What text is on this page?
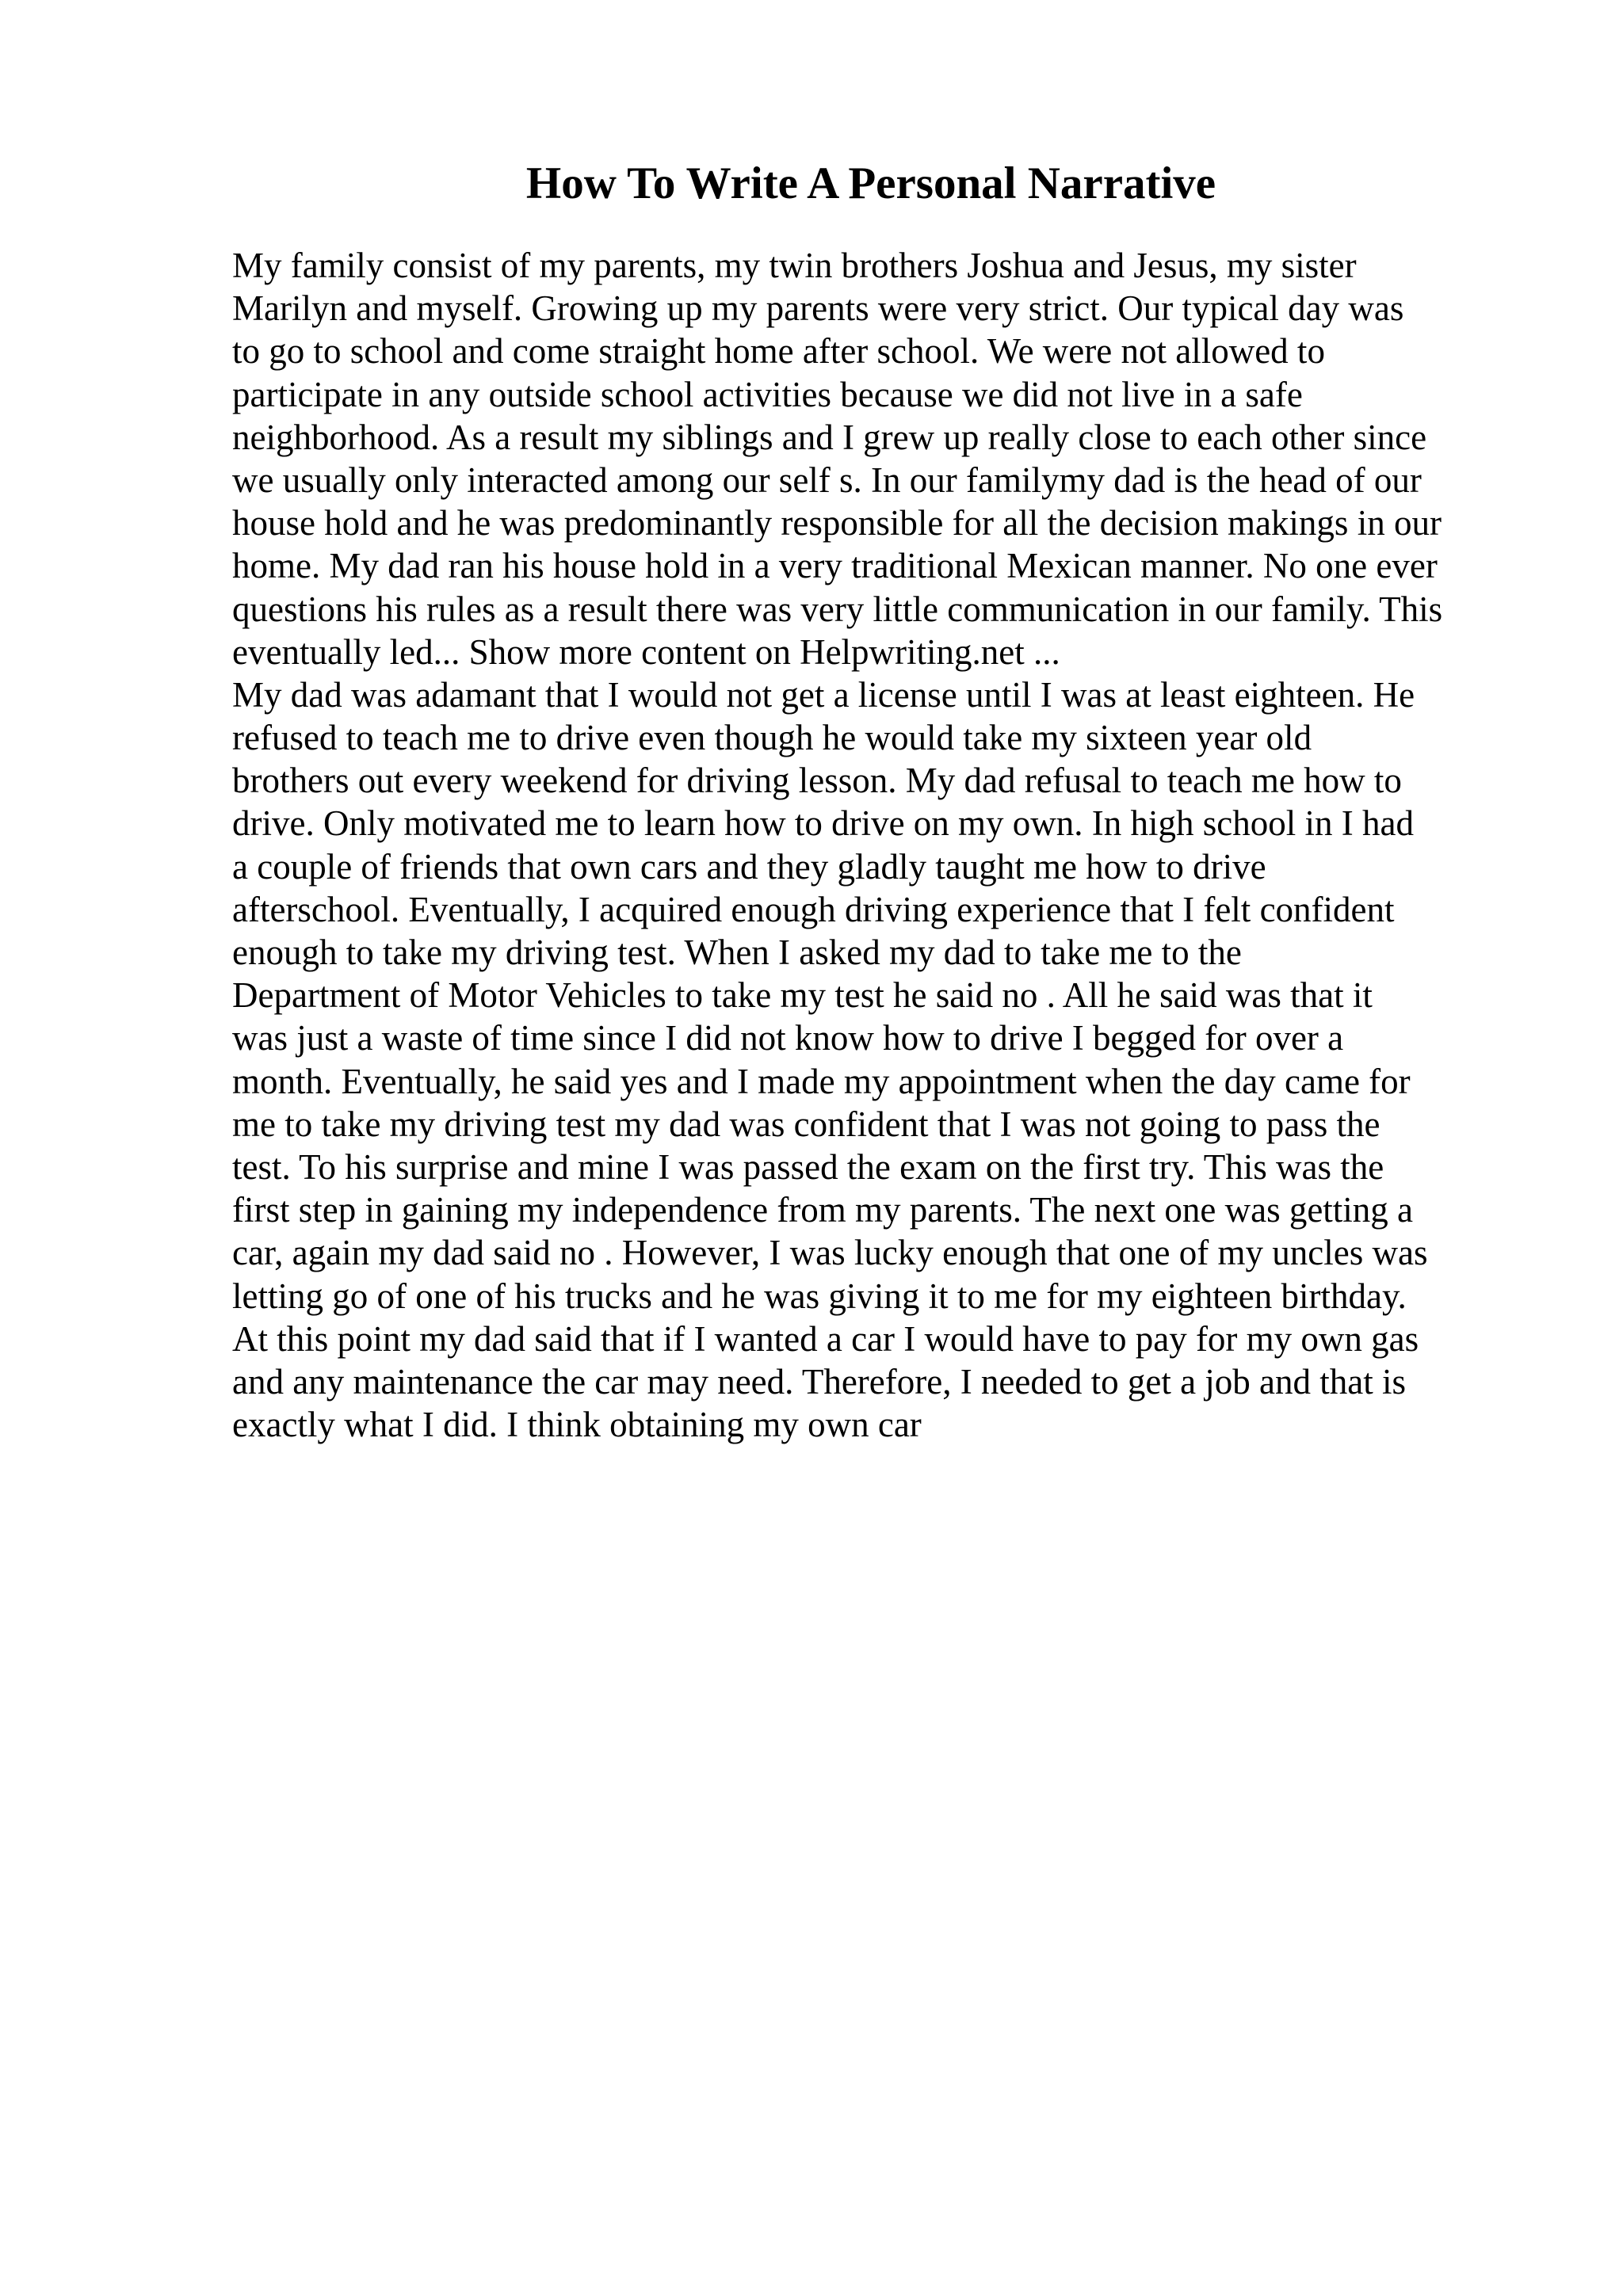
How To Write A Personal Narrative
My family consist of my parents, my twin brothers Joshua and Jesus, my sister
Marilyn and myself. Growing up my parents were very strict. Our typical day was
to go to school and come straight home after school. We were not allowed to
participate in any outside school activities because we did not live in a safe
neighborhood. As a result my siblings and I grew up really close to each other since
we usually only interacted among our self s. In our familymy dad is the head of our
house hold and he was predominantly responsible for all the decision makings in our
home. My dad ran his house hold in a very traditional Mexican manner. No one ever
questions his rules as a result there was very little communication in our family. This
eventually led... Show more content on Helpwriting.net ...
My dad was adamant that I would not get a license until I was at least eighteen. He
refused to teach me to drive even though he would take my sixteen year old
brothers out every weekend for driving lesson. My dad refusal to teach me how to
drive. Only motivated me to learn how to drive on my own. In high school in I had
a couple of friends that own cars and they gladly taught me how to drive
afterschool. Eventually, I acquired enough driving experience that I felt confident
enough to take my driving test. When I asked my dad to take me to the
Department of Motor Vehicles to take my test he said no . All he said was that it
was just a waste of time since I did not know how to drive I begged for over a
month. Eventually, he said yes and I made my appointment when the day came for
me to take my driving test my dad was confident that I was not going to pass the
test. To his surprise and mine I was passed the exam on the first try. This was the
first step in gaining my independence from my parents. The next one was getting a
car, again my dad said no . However, I was lucky enough that one of my uncles was
letting go of one of his trucks and he was giving it to me for my eighteen birthday.
At this point my dad said that if I wanted a car I would have to pay for my own gas
and any maintenance the car may need. Therefore, I needed to get a job and that is
exactly what I did. I think obtaining my own car
